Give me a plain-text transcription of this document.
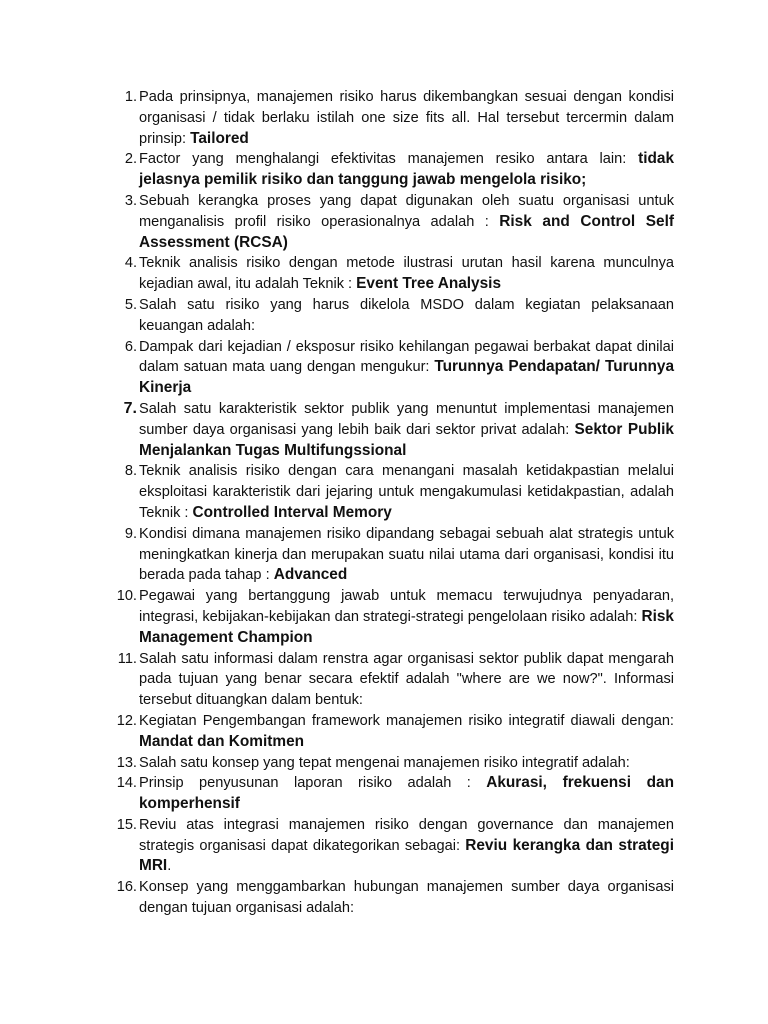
1. Pada prinsipnya, manajemen risiko harus dikembangkan sesuai dengan kondisi organisasi / tidak berlaku istilah one size fits all. Hal tersebut tercermin dalam prinsip: Tailored
2. Factor yang menghalangi efektivitas manajemen resiko antara lain: tidak jelasnya pemilik risiko dan tanggung jawab mengelola risiko;
3. Sebuah kerangka proses yang dapat digunakan oleh suatu organisasi untuk menganalisis profil risiko operasionalnya adalah : Risk and Control Self Assessment (RCSA)
4. Teknik analisis risiko dengan metode ilustrasi urutan hasil karena munculnya kejadian awal, itu adalah Teknik : Event Tree Analysis
5. Salah satu risiko yang harus dikelola MSDO dalam kegiatan pelaksanaan keuangan adalah:
6. Dampak dari kejadian / eksposur risiko kehilangan pegawai berbakat dapat dinilai dalam satuan mata uang dengan mengukur: Turunnya Pendapatan/ Turunnya Kinerja
7. Salah satu karakteristik sektor publik yang menuntut implementasi manajemen sumber daya organisasi yang lebih baik dari sektor privat adalah: Sektor Publik Menjalankan Tugas Multifungssional
8. Teknik analisis risiko dengan cara menangani masalah ketidakpastian melalui eksploitasi karakteristik dari jejaring untuk mengakumulasi ketidakpastian, adalah Teknik : Controlled Interval Memory
9. Kondisi dimana manajemen risiko dipandang sebagai sebuah alat strategis untuk meningkatkan kinerja dan merupakan suatu nilai utama dari organisasi, kondisi itu berada pada tahap : Advanced
10. Pegawai yang bertanggung jawab untuk memacu terwujudnya penyadaran, integrasi, kebijakan-kebijakan dan strategi-strategi pengelolaan risiko adalah: Risk Management Champion
11. Salah satu informasi dalam renstra agar organisasi sektor publik dapat mengarah pada tujuan yang benar secara efektif adalah "where are we now?". Informasi tersebut dituangkan dalam bentuk:
12. Kegiatan Pengembangan framework manajemen risiko integratif diawali dengan: Mandat dan Komitmen
13. Salah satu konsep yang tepat mengenai manajemen risiko integratif adalah:
14. Prinsip penyusunan laporan risiko adalah : Akurasi, frekuensi dan komperhensif
15. Reviu atas integrasi manajemen risiko dengan governance dan manajemen strategis organisasi dapat dikategorikan sebagai: Reviu kerangka dan strategi MRI.
16. Konsep yang menggambarkan hubungan manajemen sumber daya organisasi dengan tujuan organisasi adalah:
